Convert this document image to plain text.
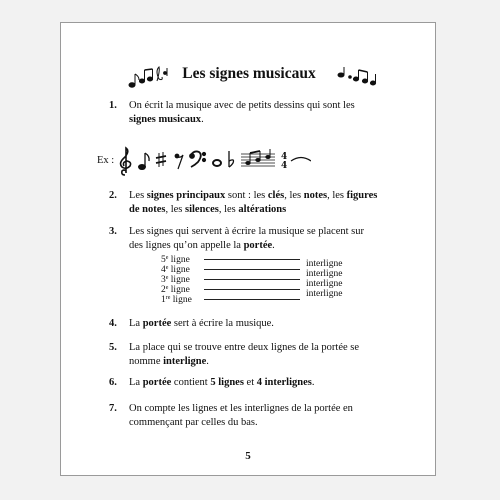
Les signes musicaux
1. On écrit la musique avec de petits dessins qui sont les signes musicaux.
Ex :	4
4
2. Les signes principaux sont : les clés, les notes, les figures de notes, les silences, les altérations
3. Les signes qui servent à écrire la musique se placent sur des lignes qu’on appelle la portée.
5e ligne
4e ligne
3e ligne
2e ligne
1re ligne
interligne
interligne
interligne
interligne
4. La portée sert à écrire la musique.
5. La place qui se trouve entre deux lignes de la portée se nomme interligne.
6. La portée contient 5 lignes et 4 interlignes.
7. On compte les lignes et les interlignes de la portée en commençant par celles du bas.
5
